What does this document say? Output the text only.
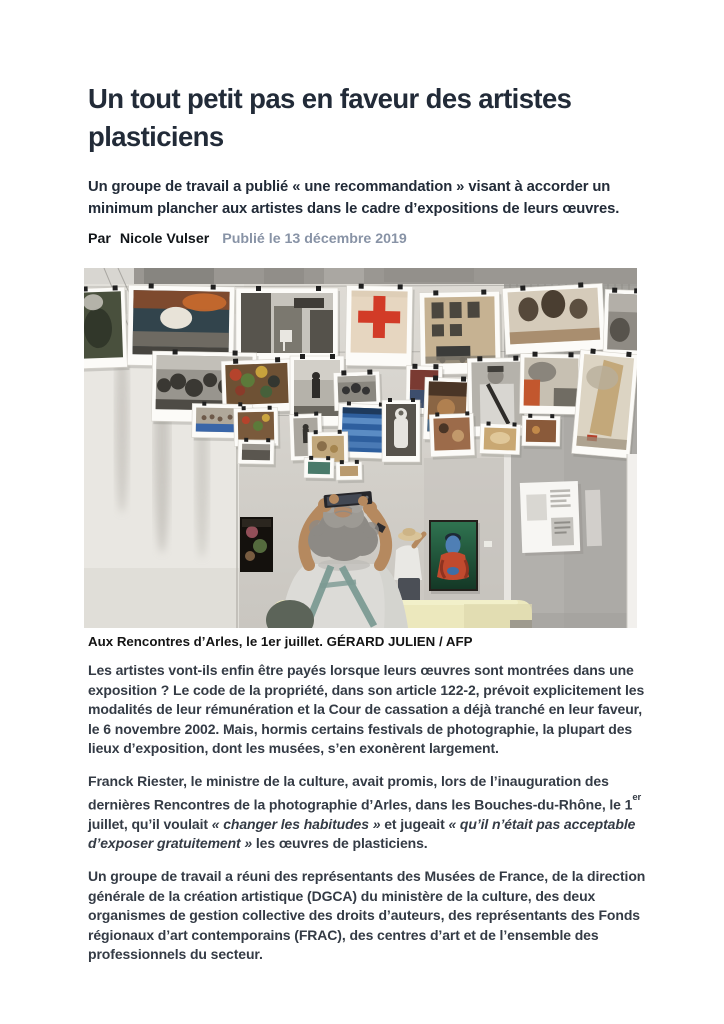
Un tout petit pas en faveur des artistes plasticiens

Un groupe de travail a publié « une recommandation » visant à accorder un minimum plancher aux artistes dans le cadre d’expositions de leurs œuvres.

Par Nicole Vulser Publié le 13 décembre 2019
Aux Rencontres d’Arles, le 1er juillet. GÉRARD JULIEN / AFP

Les artistes vont-ils enfin être payés lorsque leurs œuvres sont montrées dans une exposition ? Le code de la propriété, dans son article 122-2, prévoit explicitement les modalités de leur rémunération et la Cour de cassation a déjà tranché en leur faveur, le 6 novembre 2002. Mais, hormis certains festivals de photographie, la plupart des lieux d’exposition, dont les musées, s’en exonèrent largement.

Franck Riester, le ministre de la culture, avait promis, lors de l’inauguration des dernières Rencontres de la photographie d’Arles, dans les Bouches-du-Rhône, le 1er juillet, qu’il voulait « changer les habitudes » et jugeait « qu’il n’était pas acceptable d’exposer gratuitement » les œuvres de plasticiens.

Un groupe de travail a réuni des représentants des Musées de France, de la direction générale de la création artistique (DGCA) du ministère de la culture, des deux organismes de gestion collective des droits d’auteurs, des représentants des Fonds régionaux d’art contemporains (FRAC), des centres d’art et de l’ensemble des professionnels du secteur.
